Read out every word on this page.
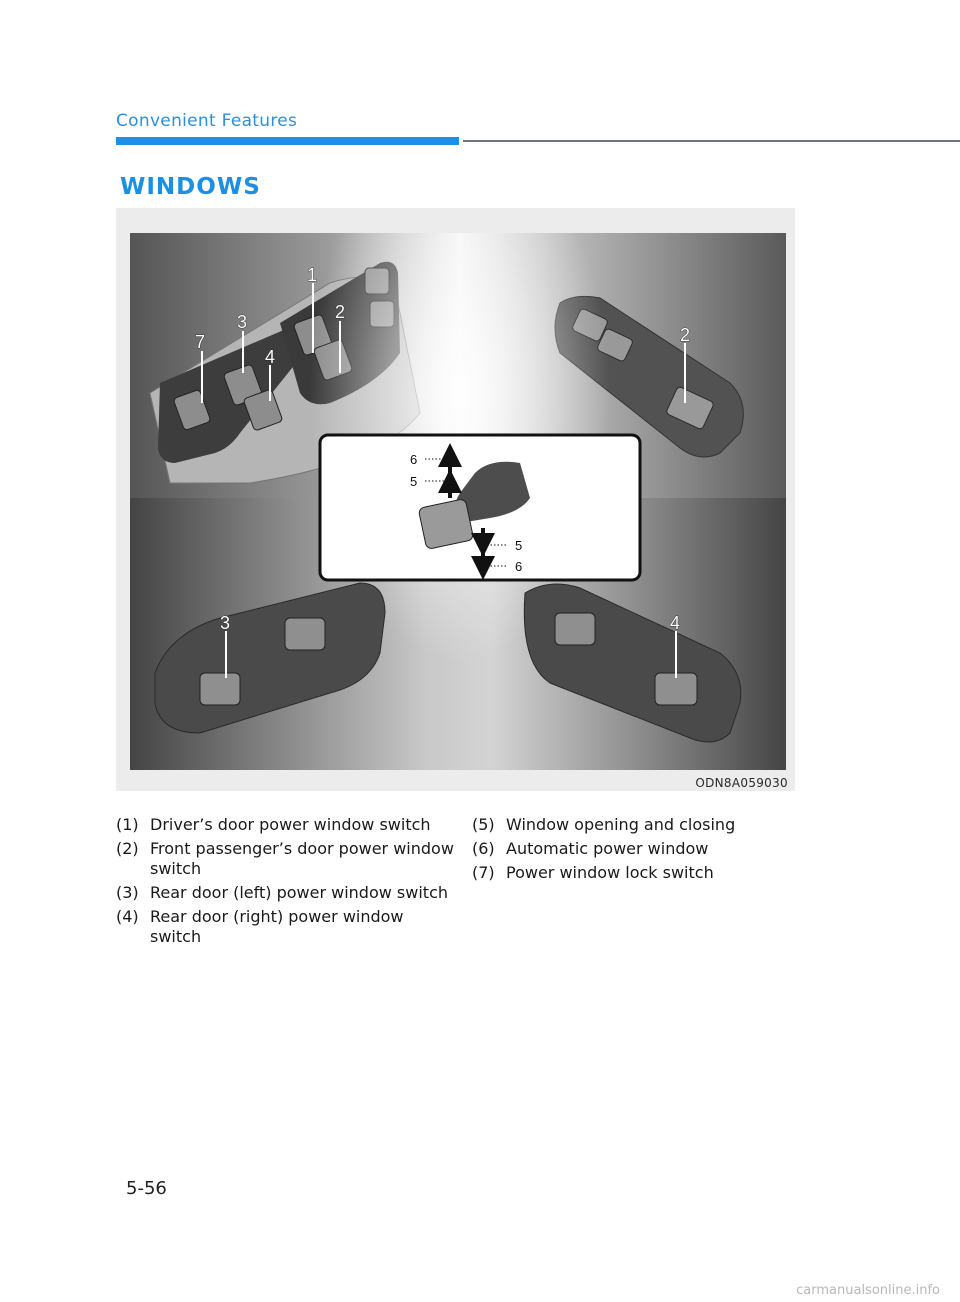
Convenient Features
WINDOWS
1
2
3
4
7	2
3	4
6
5
5
6
ODN8A059030
(1) Driver’s door power window switch
(2) Front passenger’s door power window switch
(3) Rear door (left) power window switch
(4) Rear door (right) power window switch
(5) Window opening and closing
(6) Automatic power window
(7) Power window lock switch
5-56
carmanualsonline.info
